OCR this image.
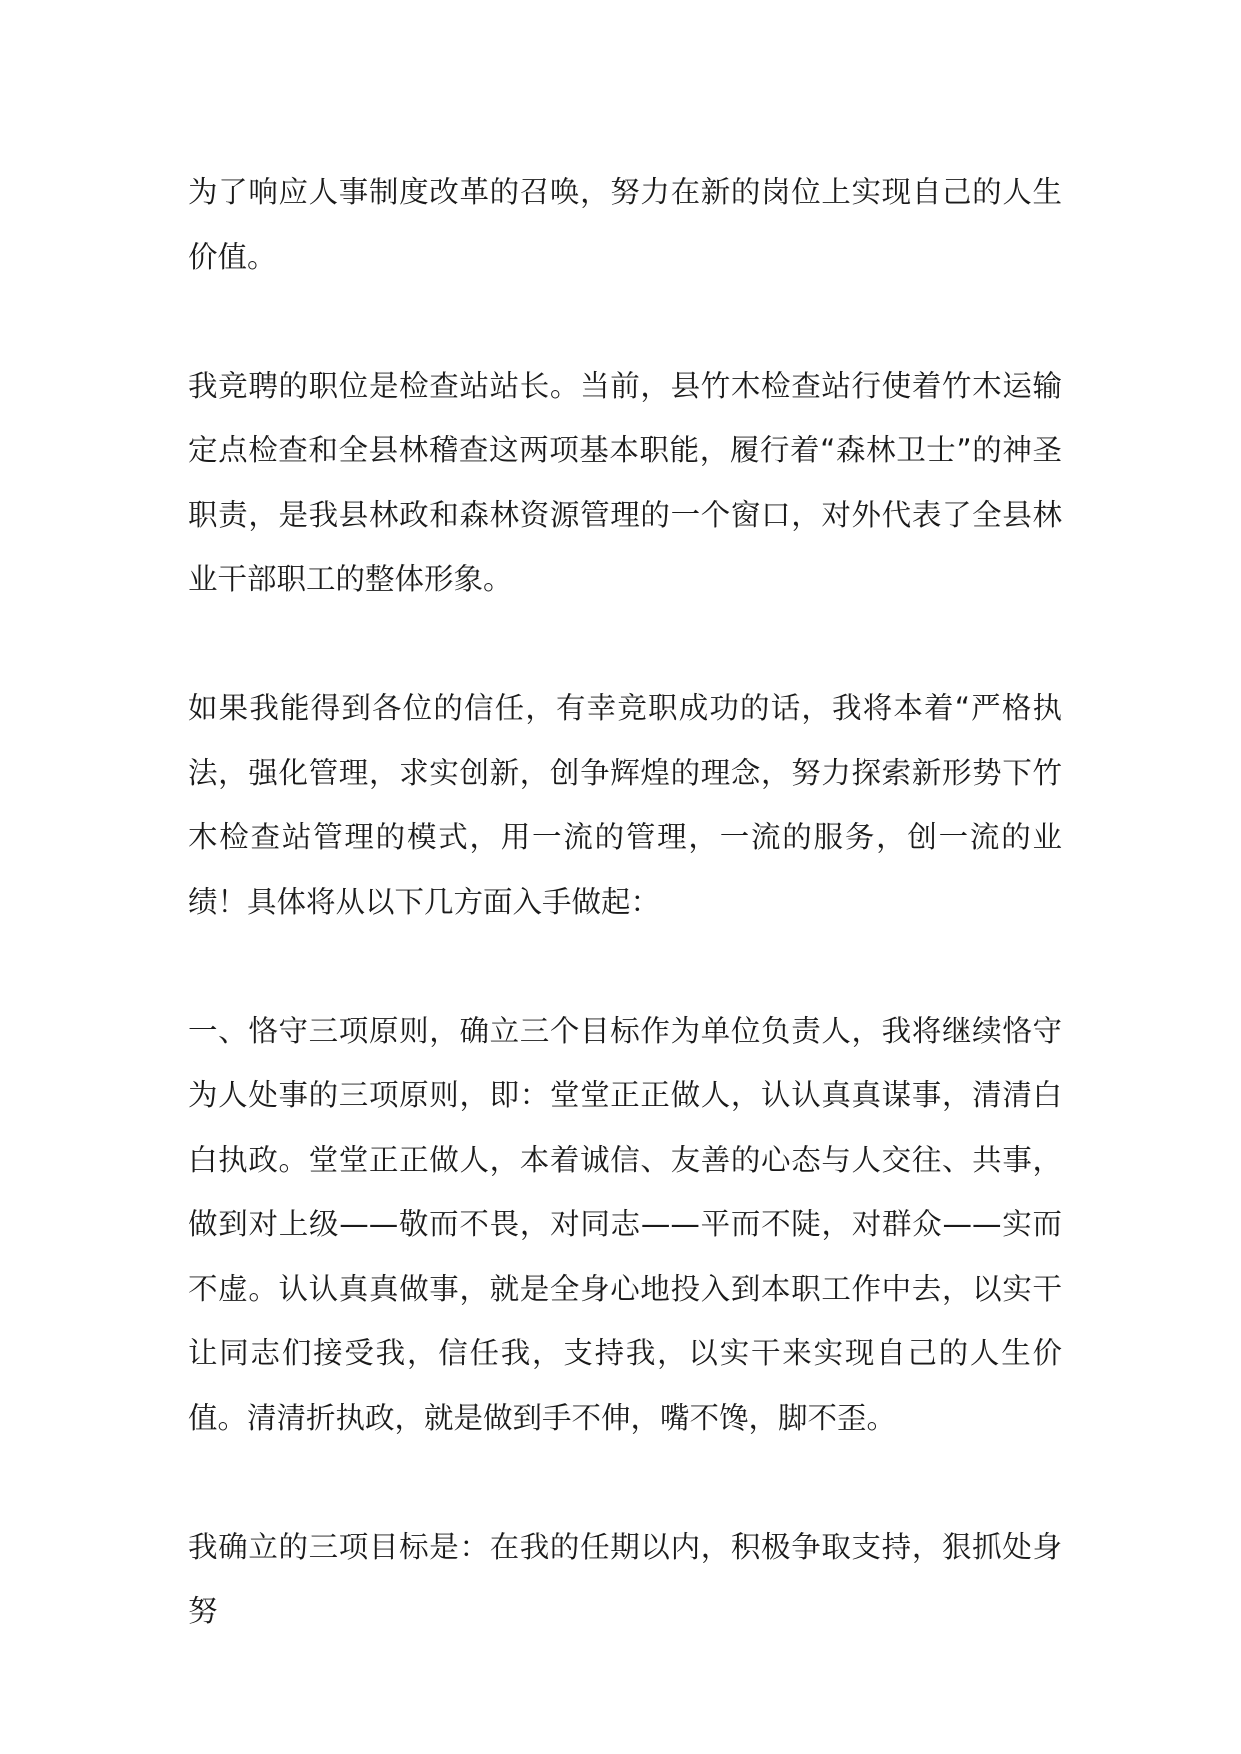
为了响应人事制度改革的召唤，努力在新的岗位上实现自己的人生价值。

我竞聘的职位是检查站站长。当前，县竹木检查站行使着竹木运输定点检查和全县林稽查这两项基本职能，履行着“森林卫士”的神圣职责，是我县林政和森林资源管理的一个窗口，对外代表了全县林业干部职工的整体形象。

如果我能得到各位的信任，有幸竞职成功的话，我将本着“严格执法，强化管理，求实创新，创争辉煌的理念，努力探索新形势下竹木检查站管理的模式，用一流的管理，一流的服务，创一流的业绩！具体将从以下几方面入手做起：

一、恪守三项原则，确立三个目标作为单位负责人，我将继续恪守为人处事的三项原则，即：堂堂正正做人，认认真真谋事，清清白白执政。堂堂正正做人，本着诚信、友善的心态与人交往、共事，做到对上级——敬而不畏，对同志——平而不陡，对群众——实而不虚。认认真真做事，就是全身心地投入到本职工作中去，以实干让同志们接受我，信任我，支持我，以实干来实现自己的人生价值。清清折执政，就是做到手不伸，嘴不馋，脚不歪。

我确立的三项目标是：在我的任期以内，积极争取支持，狠抓处身努
